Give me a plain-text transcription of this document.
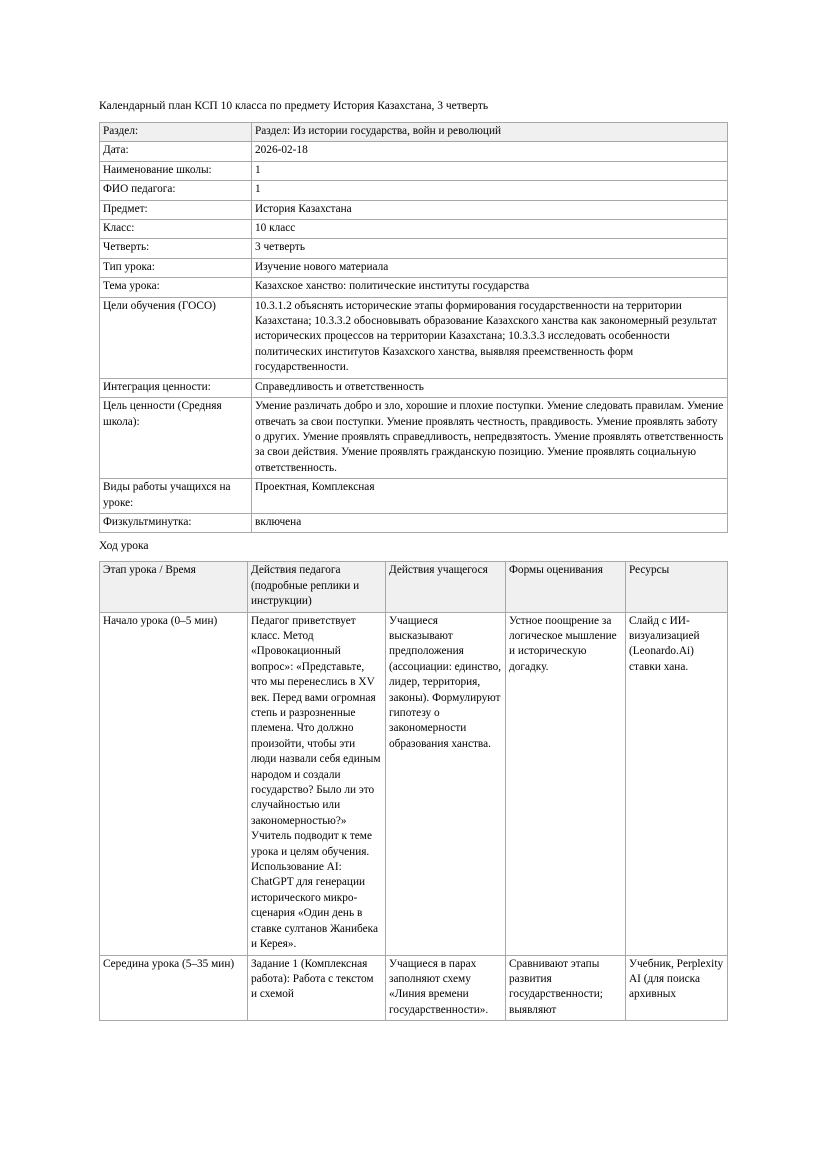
Календарный план КСП 10 класса по предмету История Казахстана, 3 четверть

Раздел:	Раздел: Из истории государства, войн и революций
Дата:	2026-02-18
Наименование школы:	1
ФИО педагога:	1
Предмет:	История Казахстана
Класс:	10 класс
Четверть:	3 четверть
Тип урока:	Изучение нового материала
Тема урока:	Казахское ханство: политические институты государства
Цели обучения (ГОСО)	10.3.1.2 объяснять исторические этапы формирования государственности на территории Казахстана; 10.3.3.2 обосновывать образование Казахского ханства как закономерный результат исторических процессов на территории Казахстана; 10.3.3.3 исследовать особенности политических институтов Казахского ханства, выявляя преемственность форм государственности.
Интеграция ценности:	Справедливость и ответственность
Цель ценности (Средняя школа):	Умение различать добро и зло, хорошие и плохие поступки. Умение следовать правилам. Умение отвечать за свои поступки. Умение проявлять честность, правдивость. Умение проявлять заботу о других. Умение проявлять справедливость, непредвзятость. Умение проявлять ответственность за свои действия. Умение проявлять гражданскую позицию. Умение проявлять социальную ответственность.
Виды работы учащихся на уроке:	Проектная, Комплексная
Физкультминутка:	включена

Ход урока

Этап урока / Время	Действия педагога (подробные реплики и инструкции)	Действия учащегося	Формы оценивания	Ресурсы
Начало урока (0–5 мин)	Педагог приветствует класс. Метод «Провокационный вопрос»: «Представьте, что мы перенеслись в XV век. Перед вами огромная степь и разрозненные племена. Что должно произойти, чтобы эти люди назвали себя единым народом и создали государство? Было ли это случайностью или закономерностью?» Учитель подводит к теме урока и целям обучения. Использование AI: ChatGPT для генерации исторического микро-сценария «Один день в ставке султанов Жанибека и Керея».	Учащиеся высказывают предположения (ассоциации: единство, лидер, территория, законы). Формулируют гипотезу о закономерности образования ханства.	Устное поощрение за логическое мышление и историческую догадку.	Слайд с ИИ-визуализацией (Leonardo.Ai) ставки хана.
Середина урока (5–35 мин)	Задание 1 (Комплексная работа): Работа с текстом и схемой	Учащиеся в парах заполняют схему «Линия времени государственности».	Сравнивают этапы развития государственности; выявляют	Учебник, Perplexity AI (для поиска архивных
